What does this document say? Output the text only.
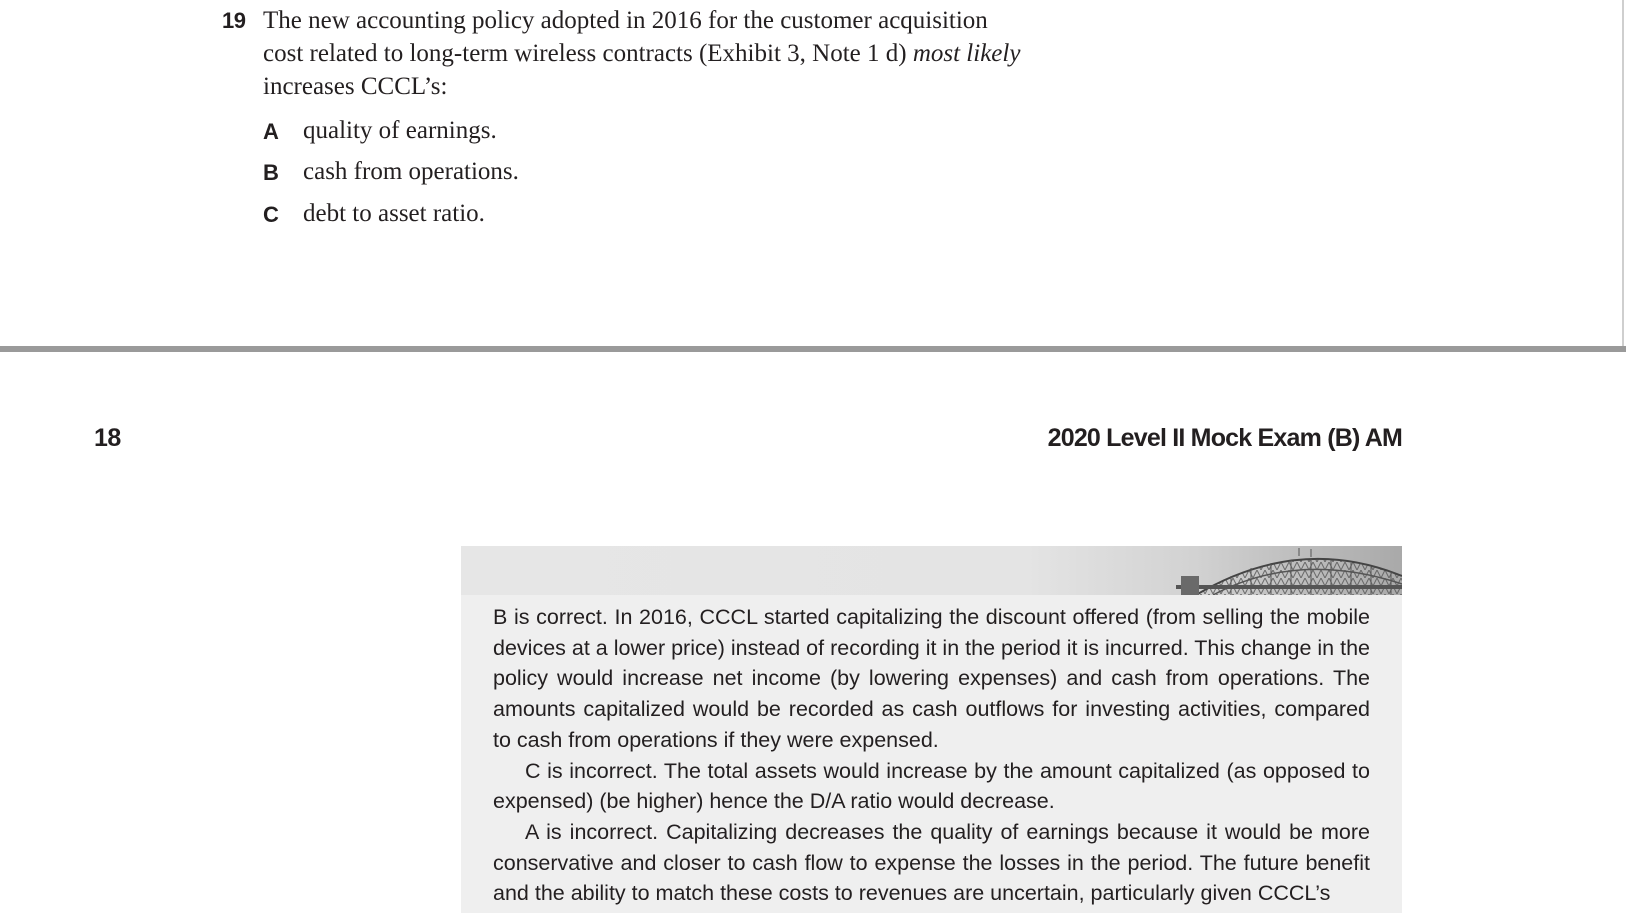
19 The new accounting policy adopted in 2016 for the customer acquisition
cost related to long-term wireless contracts (Exhibit 3, Note 1 d) most likely
increases CCCL’s:
A quality of earnings.
B cash from operations.
C debt to asset ratio.
18	2020 Level II Mock Exam (B) AM

B is correct. In 2016, CCCL started capitalizing the discount offered (from selling the mobile devices at a lower price) instead of recording it in the period it is incurred. This change in the policy would increase net income (by lowering expenses) and cash from operations. The amounts capitalized would be recorded as cash outflows for investing activities, compared to cash from operations if they were expensed.

C is incorrect. The total assets would increase by the amount capitalized (as opposed to expensed) (be higher) hence the D/A ratio would decrease.

A is incorrect. Capitalizing decreases the quality of earnings because it would be more conservative and closer to cash flow to expense the losses in the period. The future benefit and the ability to match these costs to revenues are uncertain, particularly given CCCL’s
